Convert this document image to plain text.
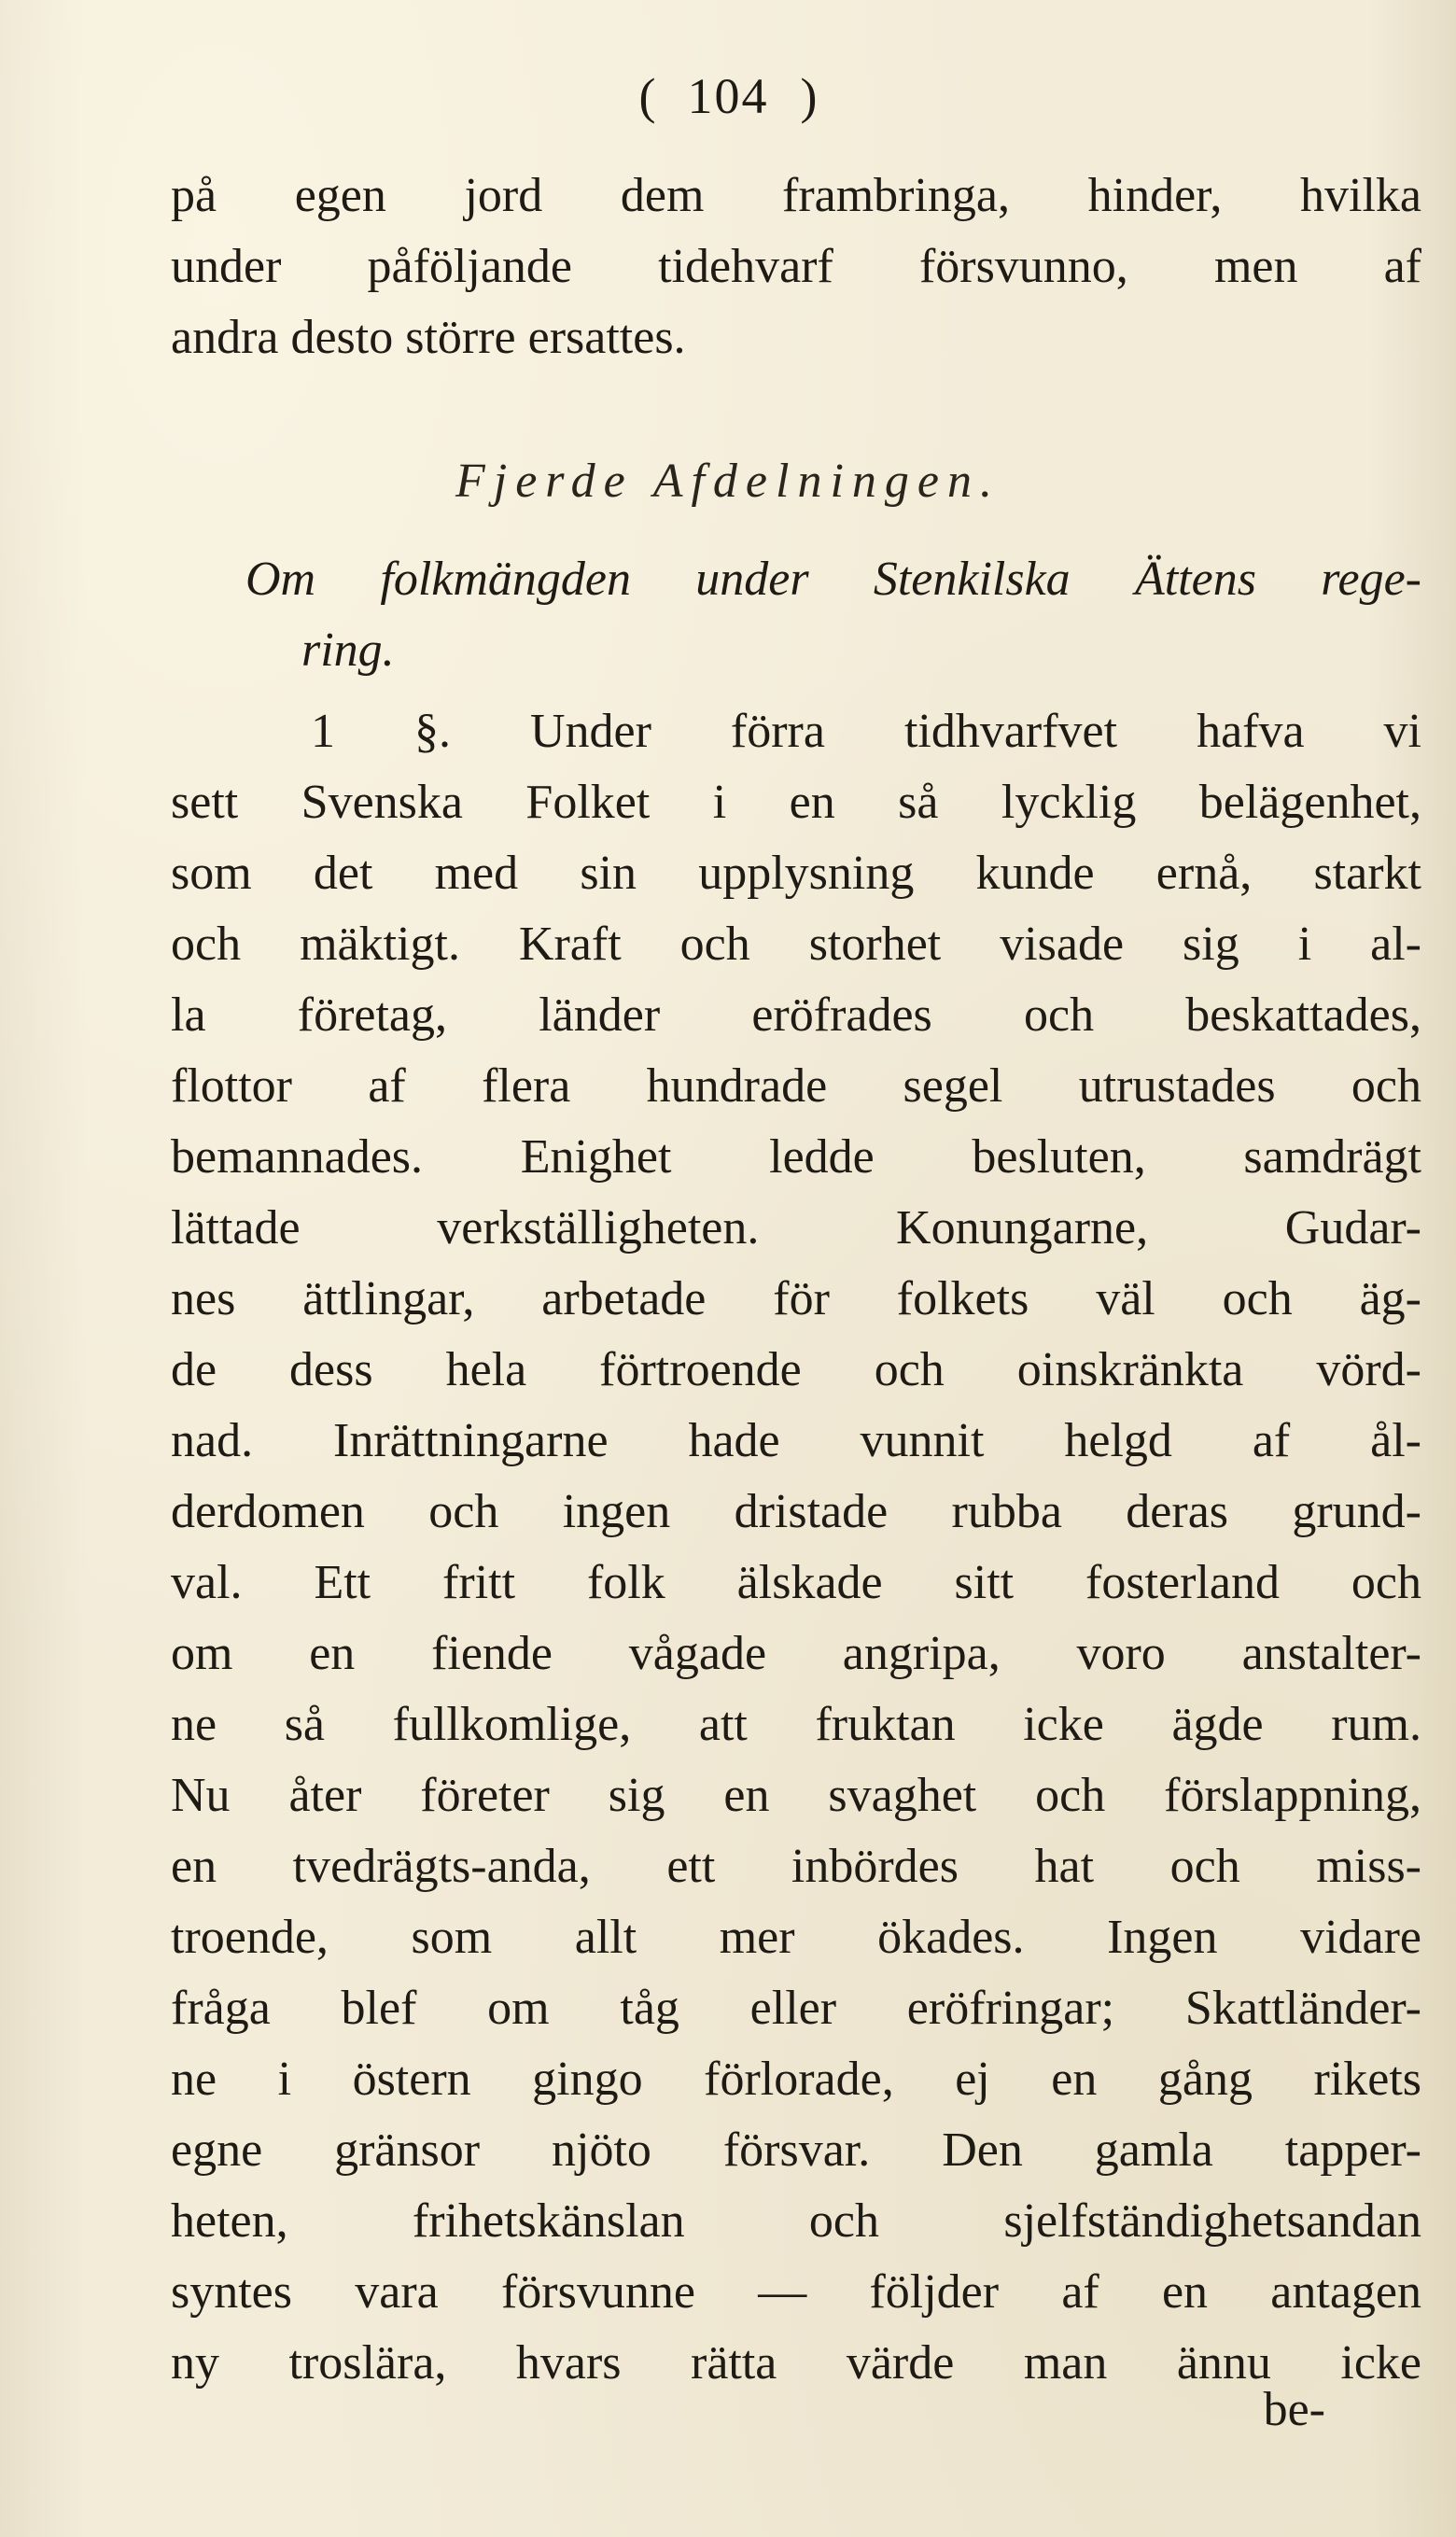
( 104 )
på egen jord dem frambringa, hinder, hvilka
under påföljande tidehvarf försvunno, men af
andra desto större ersattes.
Fjerde Afdelningen.
Om folkmängden under Stenkilska Ättens rege-
ring.
1 §. Under förra tidhvarfvet hafva vi
sett Svenska Folket i en så lycklig belägenhet,
som det med sin upplysning kunde ernå, starkt
och mäktigt. Kraft och storhet visade sig i al-
la företag, länder eröfrades och beskattades,
flottor af flera hundrade segel utrustades och
bemannades. Enighet ledde besluten, samdrägt
lättade verkställigheten. Konungarne, Gudar-
nes ättlingar, arbetade för folkets väl och äg-
de dess hela förtroende och oinskränkta vörd-
nad. Inrättningarne hade vunnit helgd af ål-
derdomen och ingen dristade rubba deras grund-
val. Ett fritt folk älskade sitt fosterland och
om en fiende vågade angripa, voro anstalter-
ne så fullkomlige, att fruktan icke ägde rum.
Nu åter företer sig en svaghet och förslappning,
en tvedrägts-anda, ett inbördes hat och miss-
troende, som allt mer ökades. Ingen vidare
fråga blef om tåg eller eröfringar; Skattländer-
ne i östern gingo förlorade, ej en gång rikets
egne gränsor njöto försvar. Den gamla tapper-
heten, frihetskänslan och sjelfständighetsandan
syntes vara försvunne — följder af en antagen
ny troslära, hvars rätta värde man ännu icke
be-
